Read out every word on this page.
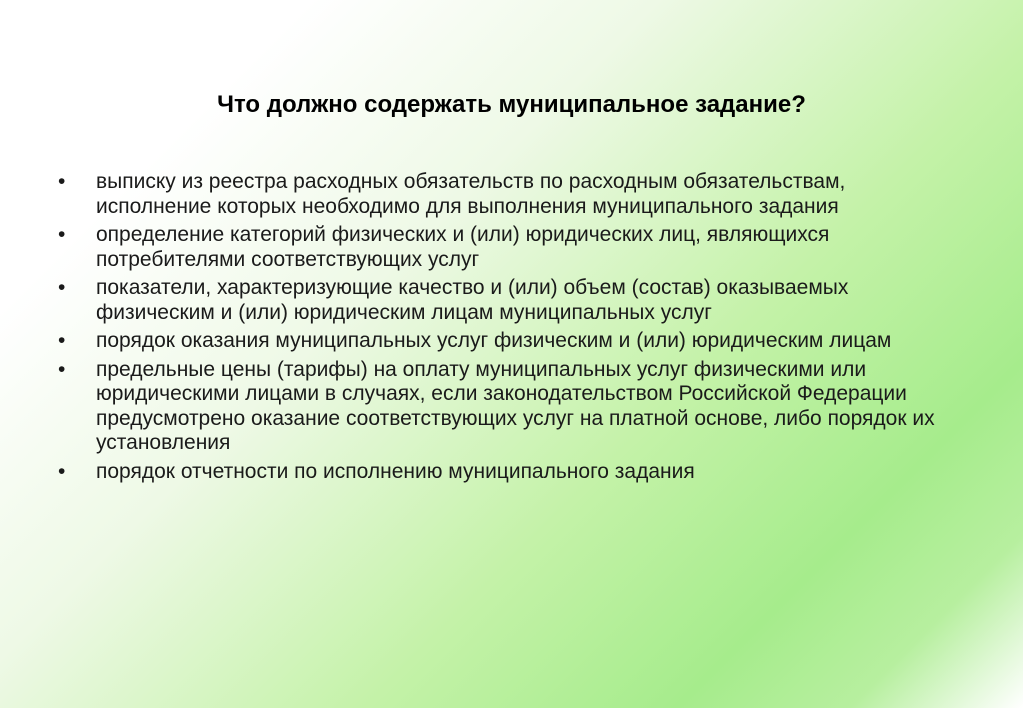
Что должно содержать муниципальное задание?
• выписку из реестра расходных обязательств по расходным обязательствам, исполнение которых необходимо для выполнения муниципального задания
• определение категорий физических и (или) юридических лиц, являющихся потребителями соответствующих услуг
• показатели, характеризующие качество и (или) объем (состав) оказываемых физическим и (или) юридическим лицам муниципальных услуг
• порядок оказания муниципальных услуг физическим и (или) юридическим лицам
• предельные цены (тарифы) на оплату муниципальных услуг физическими или юридическими лицами в случаях, если законодательством Российской Федерации предусмотрено оказание соответствующих услуг на платной основе, либо порядок их установления
• порядок отчетности по исполнению муниципального задания
